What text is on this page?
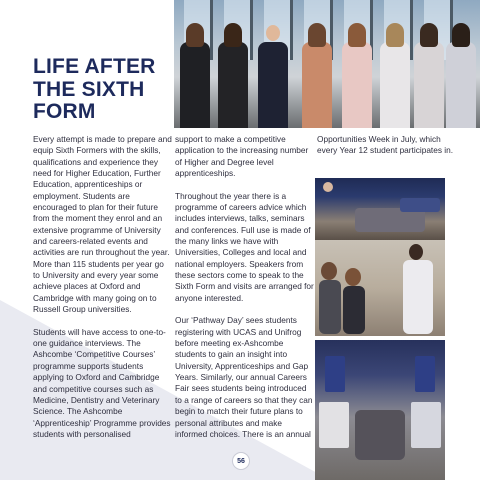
LIFE AFTER
THE SIXTH
FORM

Every attempt is made to prepare and equip Sixth Formers with the skills, qualifications and experience they need for Higher Education, Further Education, apprenticeships or employment. Students are encouraged to plan for their future from the moment they enrol and an extensive programme of University and careers-related events and activities are run throughout the year. More than 115 students per year go to University and every year some achieve places at Oxford and Cambridge with many going on to Russell Group universities.

Students will have access to one-to-one guidance interviews. The Ashcombe ‘Competitive Courses’ programme supports students applying to Oxford and Cambridge and competitive courses such as Medicine, Dentistry and Veterinary Science. The Ashcombe ‘Apprenticeship’ Programme provides students with personalised

support to make a competitive application to the increasing number of Higher and Degree level apprenticeships.

Throughout the year there is a programme of careers advice which includes interviews, talks, seminars and conferences. Full use is made of the many links we have with Universities, Colleges and local and national employers. Speakers from these sectors come to speak to the Sixth Form and visits are arranged for anyone interested.

Our ‘Pathway Day’ sees students registering with UCAS and Unifrog before meeting ex-Ashcombe students to gain an insight into University, Apprenticeships and Gap Years. Similarly, our annual Careers Fair sees students being introduced to a range of careers so that they can begin to match their future plans to personal attributes and make informed choices. There is an annual

Opportunities Week in July, which every Year 12 student participates in.

56
